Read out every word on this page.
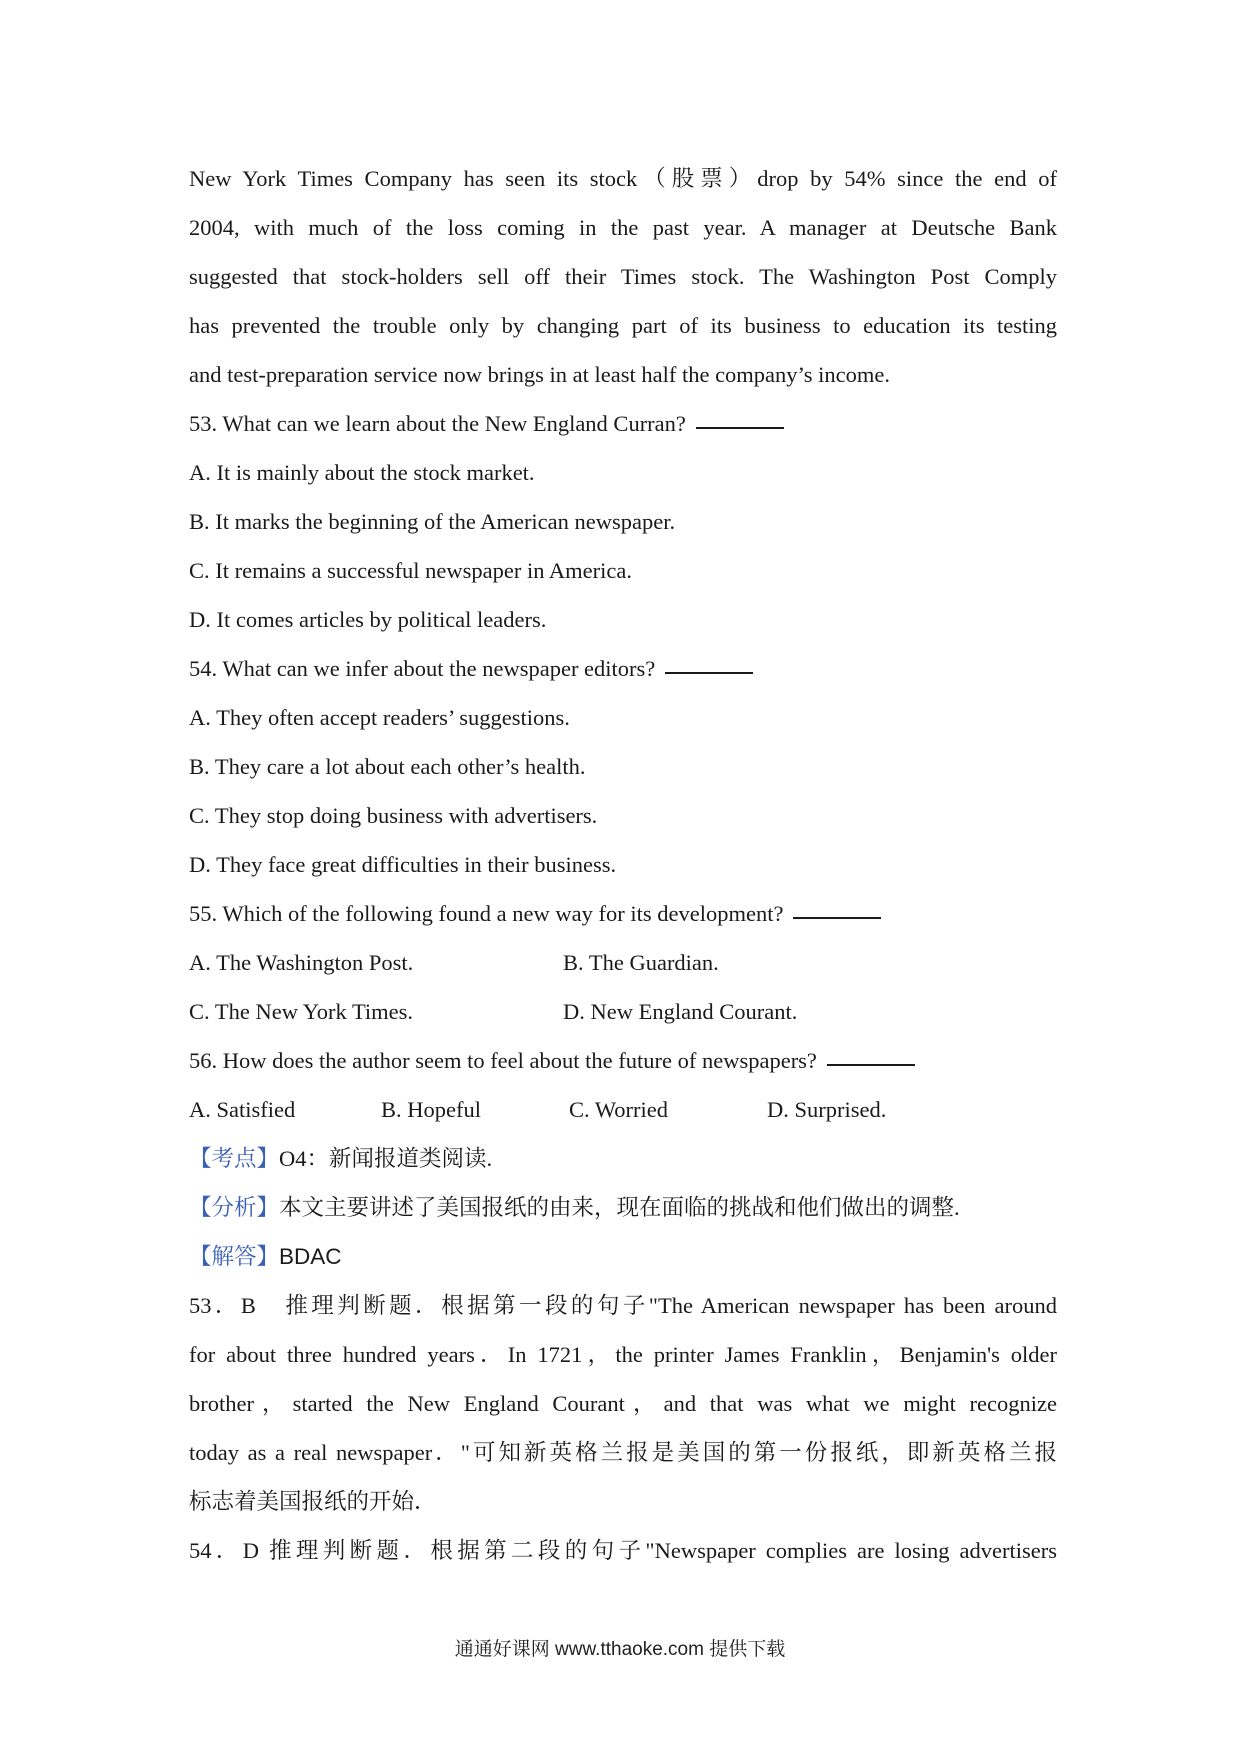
New York Times Company has seen its stock（股票）drop by 54% since the end of
2004, with much of the loss coming in the past year. A manager at Deutsche Bank
suggested that stock-holders sell off their Times stock. The Washington Post Comply
has prevented the trouble only by changing part of its business to education its testing
and test-preparation service now brings in at least half the company’s income.
53. What can we learn about the New England Curran?
A. It is mainly about the stock market.
B. It marks the beginning of the American newspaper.
C. It remains a successful newspaper in America.
D. It comes articles by political leaders.
54. What can we infer about the newspaper editors?
A. They often accept readers’ suggestions.
B. They care a lot about each other’s health.
C. They stop doing business with advertisers.
D. They face great difficulties in their business.
55. Which of the following found a new way for its development?
A. The Washington Post.	B. The Guardian.
C. The New York Times.	D. New England Courant.
56. How does the author seem to feel about the future of newspapers?
A. Satisfied	B. Hopeful	C. Worried	D. Surprised.
【考点】O4：新闻报道类阅读.
【分析】本文主要讲述了美国报纸的由来，现在面临的挑战和他们做出的调整.
【解答】BDAC
53．B　推理判断题．根据第一段的句子"The American newspaper has been around
for about three hundred years．In 1721，the printer James Franklin，Benjamin's older
brother，started the New England Courant，and that was what we might recognize
today as a real newspaper．"可知新英格兰报是美国的第一份报纸，即新英格兰报
标志着美国报纸的开始．
54．D 推理判断题．根据第二段的句子"Newspaper complies are losing advertisers
通通好课网 www.tthaoke.com 提供下载
